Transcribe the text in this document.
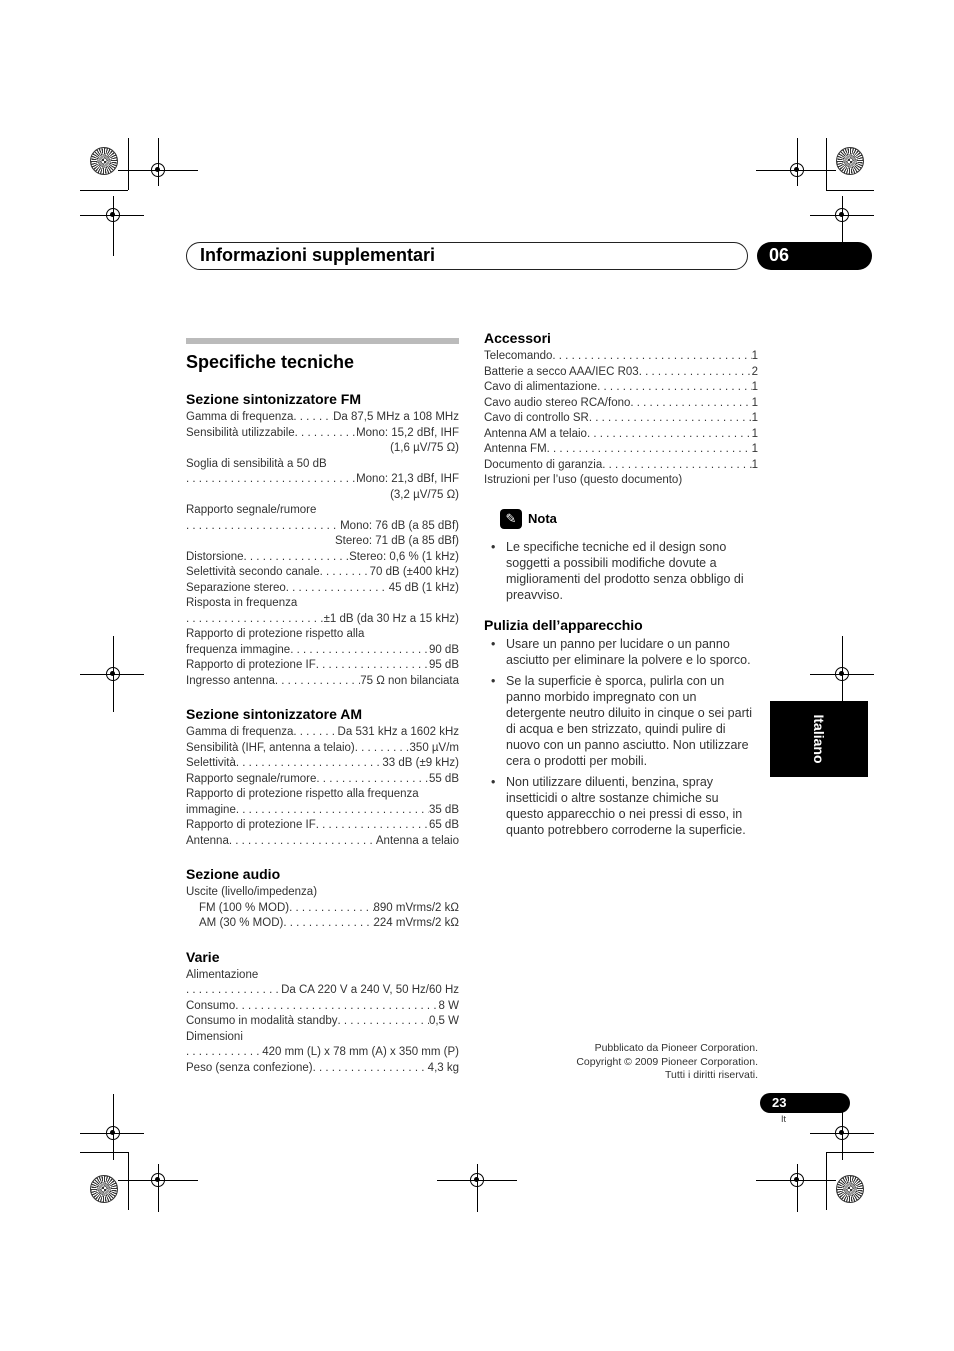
Informazioni supplementari	06
Specifiche tecniche
Sezione sintonizzatore FM
Gamma di frequenza . . .	Da 87,5 MHz a 108 MHz
Sensibilità utilizzabile . . .	Mono: 15,2 dBf, IHF
(1,6 µV/75 Ω)
Soglia di sensibilità a 50 dB
. . .
Mono: 21,3 dBf, IHF
(3,2 µV/75 Ω)
Rapporto segnale/rumore
. . .
Mono: 76 dB (a 85 dBf)
Stereo: 71 dB (a 85 dBf)
Distorsione . . .	Stereo: 0,6 % (1 kHz)
Selettività secondo canale . . .	70 dB (±400 kHz)
Separazione stereo . . .	45 dB (1 kHz)
Risposta in frequenza
. . .
±1 dB (da 30 Hz a 15 kHz)
Rapporto di protezione rispetto alla
frequenza immagine . . .	90 dB
Rapporto di protezione IF . . .	95 dB
Ingresso antenna . . .	75 Ω non bilanciata
Sezione sintonizzatore AM
Gamma di frequenza . . .	Da 531 kHz a 1602 kHz
Sensibilità (IHF, antenna a telaio) . . .	350 µV/m
Selettività . . .	33 dB (±9 kHz)
Rapporto segnale/rumore . . .	55 dB
Rapporto di protezione rispetto alla frequenza
immagine . . .	35 dB
Rapporto di protezione IF . . .	65 dB
Antenna . . .	Antenna a telaio
Sezione audio
Uscite (livello/impedenza)
FM (100 % MOD) . . .	890 mVrms/2 kΩ
AM (30 % MOD) . . .	224 mVrms/2 kΩ
Varie
Alimentazione
. . .
Da CA 220 V a 240 V, 50 Hz/60 Hz
Consumo . . .	8 W
Consumo in modalità standby . . .	0,5 W
Dimensioni
. . .
420 mm (L) x 78 mm (A) x 350 mm (P)
Peso (senza confezione) . . .	4,3 kg
Accessori
Telecomando . . .	1
Batterie a secco AAA/IEC R03 . . .	2
Cavo di alimentazione . . .	1
Cavo audio stereo RCA/fono . . .	1
Cavo di controllo SR . . .	1
Antenna AM a telaio . . .	1
Antenna FM . . .	1
Documento di garanzia . . .	1
Istruzioni per l’uso (questo documento)
✎ Nota
• Le specifiche tecniche ed il design sono soggetti a possibili modifiche dovute a miglioramenti del prodotto senza obbligo di preavviso.
Pulizia dell’apparecchio
• Usare un panno per lucidare o un panno asciutto per eliminare la polvere e lo sporco.
• Se la superficie è sporca, pulirla con un panno morbido impregnato con un detergente neutro diluito in cinque o sei parti di acqua e ben strizzato, quindi pulire di nuovo con un panno asciutto. Non utilizzare cera o prodotti per mobili.
• Non utilizzare diluenti, benzina, spray insetticidi o altre sostanze chimiche su questo apparecchio o nei pressi di esso, in quanto potrebbero corroderne la superficie.
Italiano
Pubblicato da Pioneer Corporation.
Copyright © 2009 Pioneer Corporation.
Tutti i diritti riservati.
23
It
